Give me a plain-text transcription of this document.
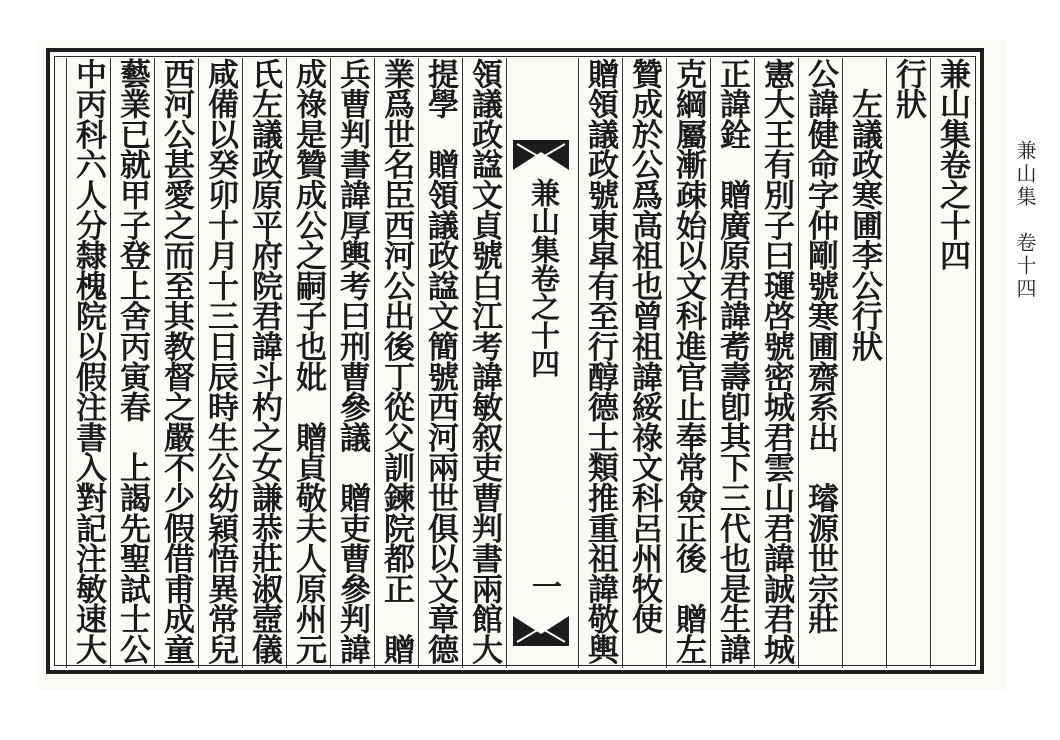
兼山集　卷十四
兼山集卷之十四
行狀
　左議政寒圃李公行狀
公諱健命字仲剛號寒圃齋系出　璿源世宗莊
憲大王有別子曰璭啓號密城君雲山君諱誠君城
正諱銓　贈廣原君諱耉壽卽其下三代也是生諱
克綱屬漸疎始以文科進官止奉常僉正後　贈左
贊成於公爲高祖也曾祖諱綏祿文科呂州牧使
贈領議政號東皐有至行醇德士類推重祖諱敬輿
兼山集卷之十四
一
領議政諡文貞號白江考諱敏叙吏曹判書兩館大
提學　贈領議政諡文簡號西河兩世俱以文章德
業爲世名臣西河公出後丁從父訓鍊院都正　贈
兵曹判書諱厚輿考曰刑曹參議　贈吏曹參判諱
成祿是贊成公之嗣子也妣　贈貞敬夫人原州元
氏左議政原平府院君諱斗杓之女謙恭莊淑壼儀
咸備以癸卯十月十三日辰時生公幼穎悟異常兒
西河公甚愛之而至其教督之嚴不少假借甫成童
藝業已就甲子登上舍丙寅春　上謁先聖試士公
中丙科六人分隸槐院以假注書入對記注敏速大
